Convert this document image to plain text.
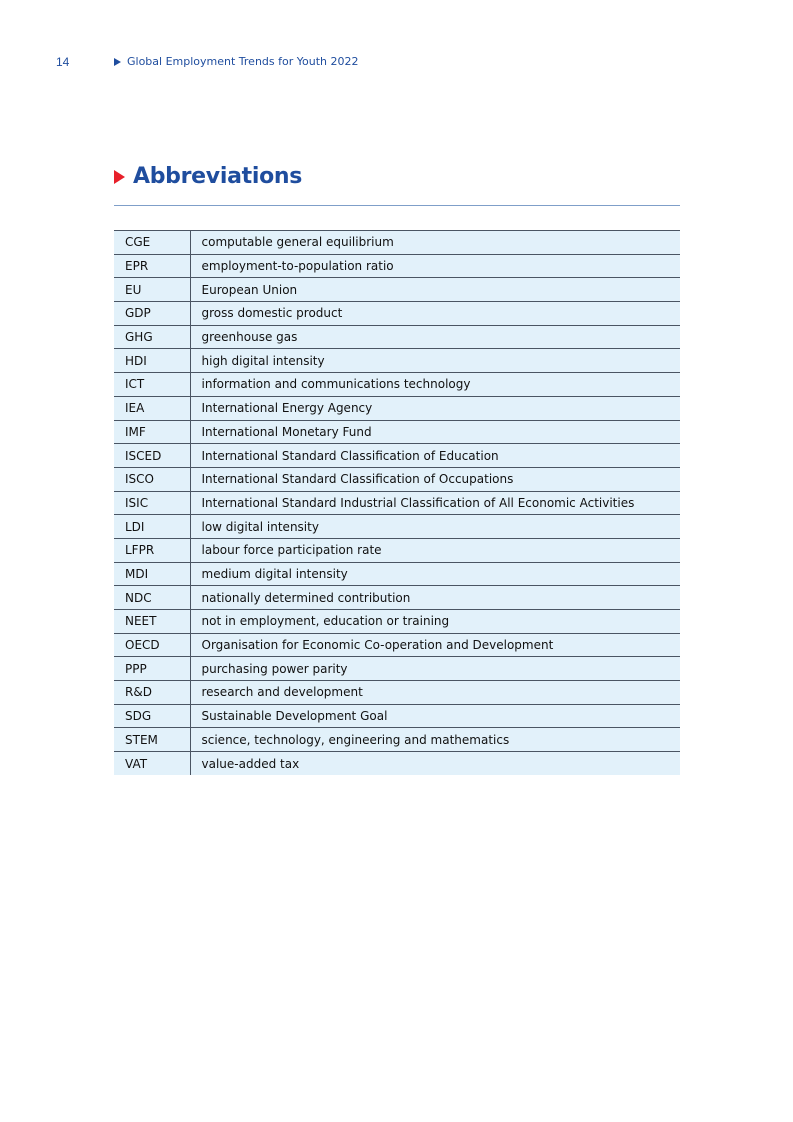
14	Global Employment Trends for Youth 2022
Abbreviations
CGE	computable general equilibrium
EPR	employment-to-population ratio
EU	European Union
GDP	gross domestic product
GHG	greenhouse gas
HDI	high digital intensity
ICT	information and communications technology
IEA	International Energy Agency
IMF	International Monetary Fund
ISCED	International Standard Classification of Education
ISCO	International Standard Classification of Occupations
ISIC	International Standard Industrial Classification of All Economic Activities
LDI	low digital intensity
LFPR	labour force participation rate
MDI	medium digital intensity
NDC	nationally determined contribution
NEET	not in employment, education or training
OECD	Organisation for Economic Co-operation and Development
PPP	purchasing power parity
R&D	research and development
SDG	Sustainable Development Goal
STEM	science, technology, engineering and mathematics
VAT	value-added tax
